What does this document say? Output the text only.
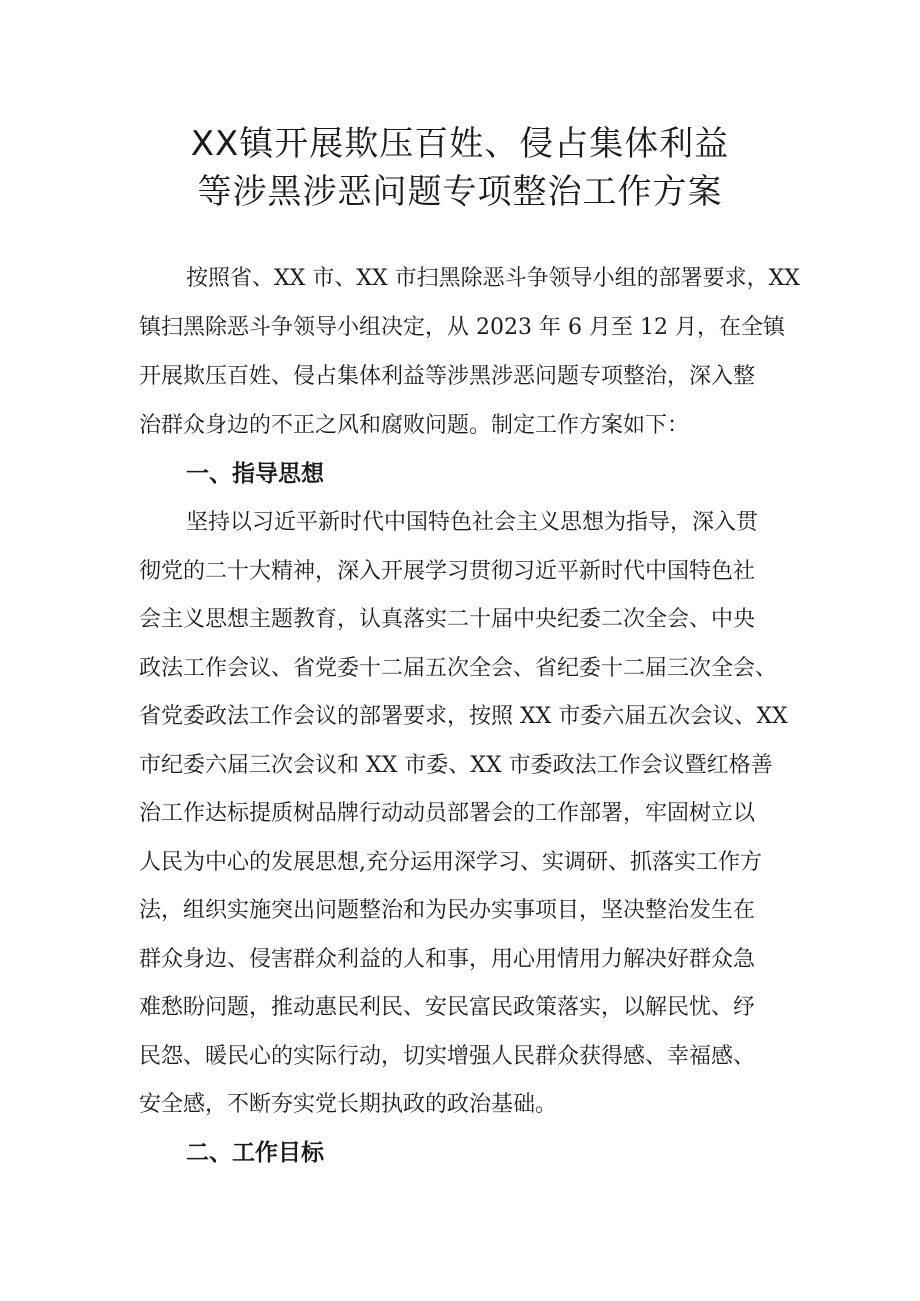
XX镇开展欺压百姓、侵占集体利益
等涉黑涉恶问题专项整治工作方案
按照省、XX 市、XX 市扫黑除恶斗争领导小组的部署要求，XX
镇扫黑除恶斗争领导小组决定，从 2023 年 6 月至 12 月，在全镇
开展欺压百姓、侵占集体利益等涉黑涉恶问题专项整治，深入整
治群众身边的不正之风和腐败问题。制定工作方案如下：
一、指导思想
坚持以习近平新时代中国特色社会主义思想为指导，深入贯
彻党的二十大精神，深入开展学习贯彻习近平新时代中国特色社
会主义思想主题教育，认真落实二十届中央纪委二次全会、中央
政法工作会议、省党委十二届五次全会、省纪委十二届三次全会、
省党委政法工作会议的部署要求，按照 XX 市委六届五次会议、XX
市纪委六届三次会议和 XX 市委、XX 市委政法工作会议暨红格善
治工作达标提质树品牌行动动员部署会的工作部署，牢固树立以
人民为中心的发展思想,充分运用深学习、实调研、抓落实工作方
法，组织实施突出问题整治和为民办实事项目，坚决整治发生在
群众身边、侵害群众利益的人和事，用心用情用力解决好群众急
难愁盼问题，推动惠民利民、安民富民政策落实，以解民忧、纾
民怨、暖民心的实际行动，切实增强人民群众获得感、幸福感、
安全感，不断夯实党长期执政的政治基础。
二、工作目标
